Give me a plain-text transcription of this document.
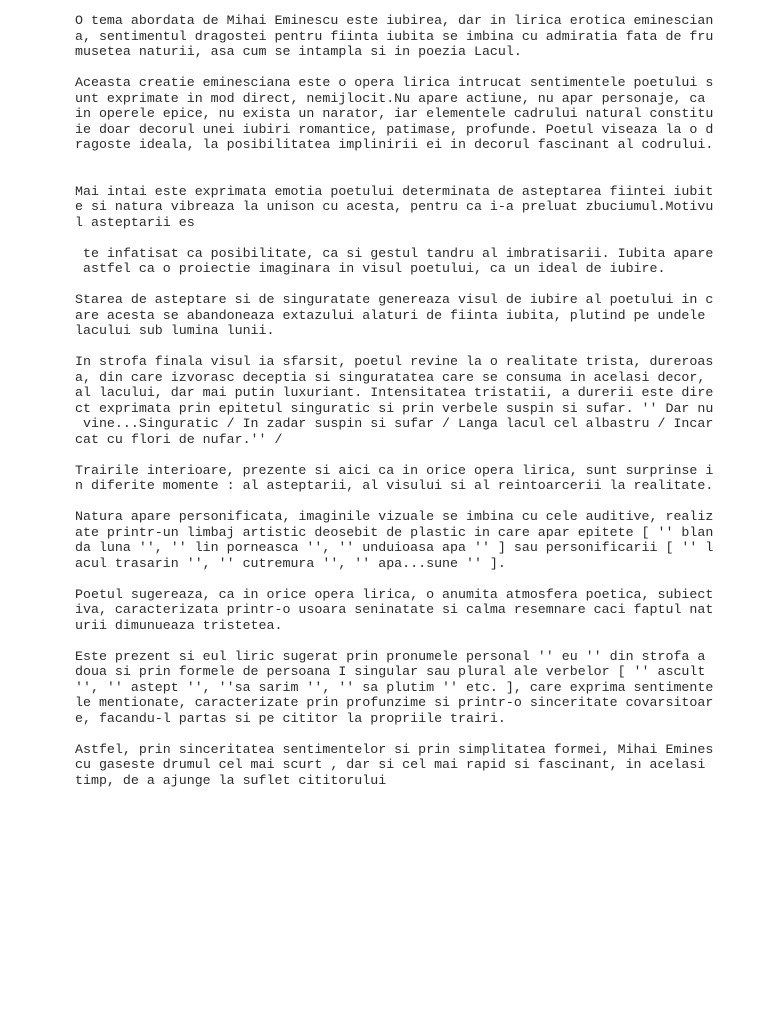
O tema abordata de Mihai Eminescu este iubirea, dar in lirica erotica eminescian
a, sentimentul dragostei pentru fiinta iubita se imbina cu admiratia fata de fru
musetea naturii, asa cum se intampla si in poezia Lacul.
Aceasta creatie eminesciana este o opera lirica intrucat sentimentele poetului s
unt exprimate in mod direct, nemijlocit.Nu apare actiune, nu apar personaje, ca
in operele epice, nu exista un narator, iar elementele cadrului natural constitu
ie doar decorul unei iubiri romantice, patimase, profunde. Poetul viseaza la o d
ragoste ideala, la posibilitatea implinirii ei in decorul fascinant al codrului.
Mai intai este exprimata emotia poetului determinata de asteptarea fiintei iubit
e si natura vibreaza la unison cu acesta, pentru ca i-a preluat zbuciumul.Motivu
l asteptarii es
te infatisat ca posibilitate, ca si gestul tandru al imbratisarii. Iubita apare
astfel ca o proiectie imaginara in visul poetului, ca un ideal de iubire.
Starea de asteptare si de singuratate genereaza visul de iubire al poetului in c
are acesta se abandoneaza extazului alaturi de fiinta iubita, plutind pe undele
lacului sub lumina lunii.
In strofa finala visul ia sfarsit, poetul revine la o realitate trista, dureroas
a, din care izvorasc deceptia si singuratatea care se consuma in acelasi decor,
al lacului, dar mai putin luxuriant. Intensitatea tristatii, a durerii este dire
ct exprimata prin epitetul singuratic si prin verbele suspin si sufar. '' Dar nu
vine...Singuratic / In zadar suspin si sufar / Langa lacul cel albastru / Incar
cat cu flori de nufar.'' /
Trairile interioare, prezente si aici ca in orice opera lirica, sunt surprinse i
n diferite momente : al asteptarii, al visului si al reintoarcerii la realitate.
Natura apare personificata, imaginile vizuale se imbina cu cele auditive, realiz
ate printr-un limbaj artistic deosebit de plastic in care apar epitete [ '' blan
da luna '', '' lin porneasca '', '' unduioasa apa '' ] sau personificarii [ '' l
acul trasarin '', '' cutremura '', '' apa...sune '' ].
Poetul sugereaza, ca in orice opera lirica, o anumita atmosfera poetica, subiect
iva, caracterizata printr-o usoara seninatate si calma resemnare caci faptul nat
urii dimunueaza tristetea.
Este prezent si eul liric sugerat prin pronumele personal '' eu '' din strofa a
doua si prin formele de persoana I singular sau plural ale verbelor [ '' ascult
'', '' astept '', ''sa sarim '', '' sa plutim '' etc. ], care exprima sentimente
le mentionate, caracterizate prin profunzime si printr-o sinceritate covarsitoar
e, facandu-l partas si pe cititor la propriile trairi.
Astfel, prin sinceritatea sentimentelor si prin simplitatea formei, Mihai Emines
cu gaseste drumul cel mai scurt , dar si cel mai rapid si fascinant, in acelasi
timp, de a ajunge la suflet cititorului
